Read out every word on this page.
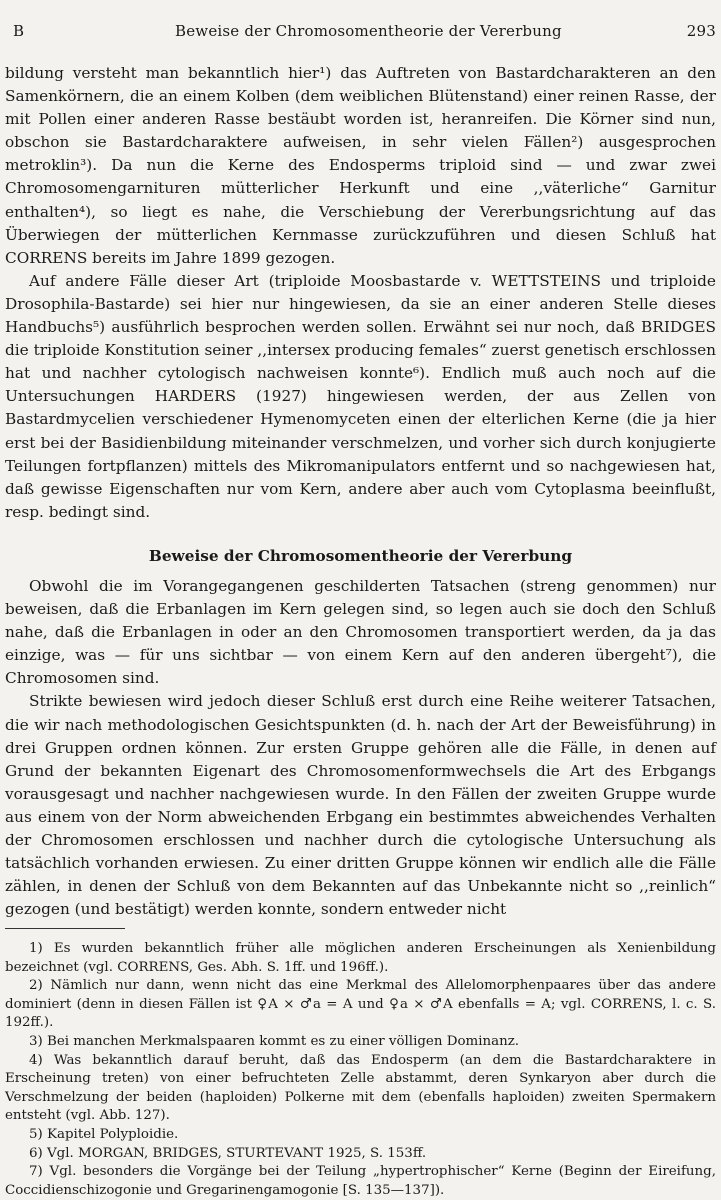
B	Beweise der Chromosomentheorie der Vererbung	293

bildung versteht man bekanntlich hier¹) das Auftreten von Bastardcharakteren an den Samenkörnern, die an einem Kolben (dem weiblichen Blütenstand) einer reinen Rasse, der mit Pollen einer anderen Rasse bestäubt worden ist, heranreifen. Die Körner sind nun, obschon sie Bastardcharaktere aufweisen, in sehr vielen Fällen²) ausgesprochen metroklin³). Da nun die Kerne des Endosperms triploid sind — und zwar zwei Chromosomengarnituren mütterlicher Herkunft und eine ,,väterliche“ Garnitur enthalten⁴), so liegt es nahe, die Verschiebung der Vererbungsrichtung auf das Überwiegen der mütterlichen Kernmasse zurückzuführen und diesen Schluß hat CORRENS bereits im Jahre 1899 gezogen.

Auf andere Fälle dieser Art (triploide Moosbastarde v. WETTSTEINS und triploide Drosophila-Bastarde) sei hier nur hingewiesen, da sie an einer anderen Stelle dieses Handbuchs⁵) ausführlich besprochen werden sollen. Erwähnt sei nur noch, daß BRIDGES die triploide Konstitution seiner ,,intersex producing females“ zuerst genetisch erschlossen hat und nachher cytologisch nachweisen konnte⁶). Endlich muß auch noch auf die Untersuchungen HARDERS (1927) hingewiesen werden, der aus Zellen von Bastardmycelien verschiedener Hymenomyceten einen der elterlichen Kerne (die ja hier erst bei der Basidienbildung miteinander verschmelzen, und vorher sich durch konjugierte Teilungen fortpflanzen) mittels des Mikromanipulators entfernt und so nachgewiesen hat, daß gewisse Eigenschaften nur vom Kern, andere aber auch vom Cytoplasma beeinflußt, resp. bedingt sind.

Beweise der Chromosomentheorie der Vererbung

Obwohl die im Vorangegangenen geschilderten Tatsachen (streng genommen) nur beweisen, daß die Erbanlagen im Kern gelegen sind, so legen auch sie doch den Schluß nahe, daß die Erbanlagen in oder an den Chromosomen transportiert werden, da ja das einzige, was — für uns sichtbar — von einem Kern auf den anderen übergeht⁷), die Chromosomen sind.

Strikte bewiesen wird jedoch dieser Schluß erst durch eine Reihe weiterer Tatsachen, die wir nach methodologischen Gesichtspunkten (d. h. nach der Art der Beweisführung) in drei Gruppen ordnen können. Zur ersten Gruppe gehören alle die Fälle, in denen auf Grund der bekannten Eigenart des Chromosomenformwechsels die Art des Erbgangs vorausgesagt und nachher nachgewiesen wurde. In den Fällen der zweiten Gruppe wurde aus einem von der Norm abweichenden Erbgang ein bestimmtes abweichendes Verhalten der Chromosomen erschlossen und nachher durch die cytologische Untersuchung als tatsächlich vorhanden erwiesen. Zu einer dritten Gruppe können wir endlich alle die Fälle zählen, in denen der Schluß von dem Bekannten auf das Unbekannte nicht so ,,reinlich“ gezogen (und bestätigt) werden konnte, sondern entweder nicht

1) Es wurden bekanntlich früher alle möglichen anderen Erscheinungen als Xenienbildung bezeichnet (vgl. CORRENS, Ges. Abh. S. 1ff. und 196ff.).

2) Nämlich nur dann, wenn nicht das eine Merkmal des Allelomorphenpaares über das andere dominiert (denn in diesen Fällen ist ♀A × ♂a = A und ♀a × ♂A ebenfalls = A; vgl. CORRENS, l. c. S. 192ff.).

3) Bei manchen Merkmalspaaren kommt es zu einer völligen Dominanz.

4) Was bekanntlich darauf beruht, daß das Endosperm (an dem die Bastardcharaktere in Erscheinung treten) von einer befruchteten Zelle abstammt, deren Synkaryon aber durch die Verschmelzung der beiden (haploiden) Polkerne mit dem (ebenfalls haploiden) zweiten Spermakern entsteht (vgl. Abb. 127).

5) Kapitel Polyploidie.

6) Vgl. MORGAN, BRIDGES, STURTEVANT 1925, S. 153ff.

7) Vgl. besonders die Vorgänge bei der Teilung „hypertrophischer“ Kerne (Beginn der Eireifung, Coccidienschizogonie und Gregarinengamogonie [S. 135—137]).
